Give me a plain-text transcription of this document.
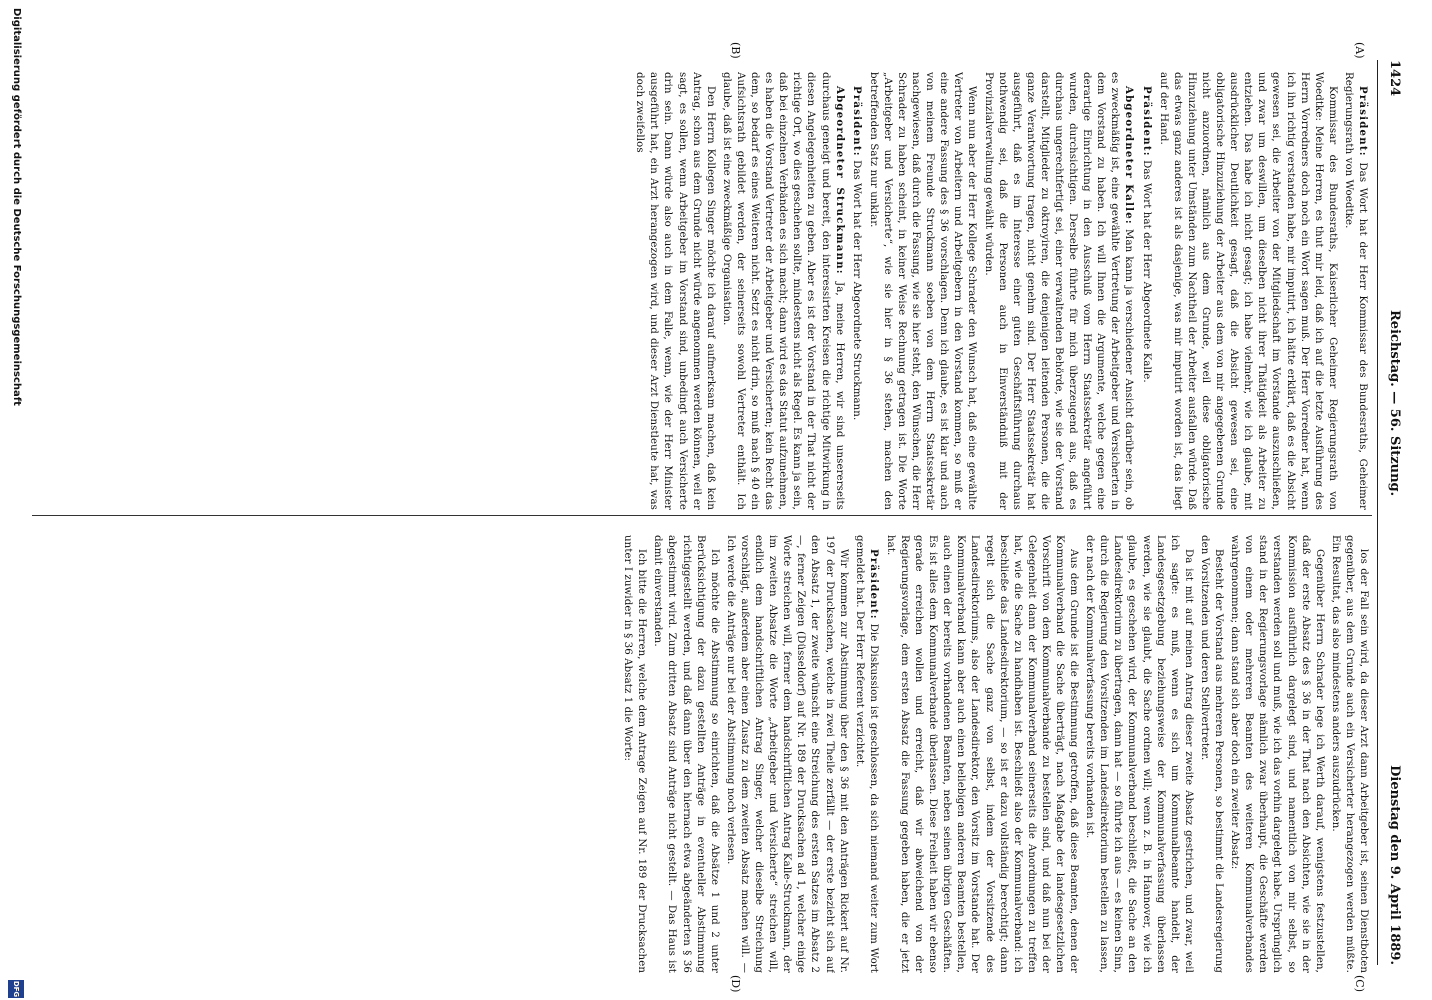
1424
Reichstag. — 56. Sitzung.
Dienstag den 9. April 1889.
(A)
(B)
(C)
(D)

Präsident: Das Wort hat der Herr Kommissar des Bundesraths, Geheimer Regierungsrath von Woedtke.

Kommissar des Bundesraths, Kaiserlicher Geheimer Regierungsrath von Woedtke: Meine Herren, es thut mir leid, daß ich auf die letzte Ausführung des Herrn Vorredners doch noch ein Wort sagen muß. Der Herr Vorredner hat, wenn ich ihn richtig verstanden habe, mir imputirt, ich hätte erklärt, daß es die Absicht gewesen sei, die Arbeiter von der Mitgliedschaft im Vorstande auszuschließen, und zwar um deswillen, um dieselben nicht ihrer Thätigkeit als Arbeiter zu entziehen. Das habe ich nicht gesagt; ich habe vielmehr, wie ich glaube, mit ausdrücklicher Deutlichkeit gesagt, daß die Absicht gewesen sei, eine obligatorische Hinzuziehung der Arbeiter aus dem von mir angegebenen Grunde nicht anzuordnen, nämlich aus dem Grunde, weil diese obligatorische Hinzuziehung unter Umständen zum Nachtheil der Arbeiter ausfallen würde. Daß das etwas ganz anderes ist als dasjenige, was mir imputirt worden ist, das liegt auf der Hand.

Präsident: Das Wort hat der Herr Abgeordnete Kalle.

Abgeordneter Kalle: Man kann ja verschiedener Ansicht darüber sein, ob es zweckmäßig ist, eine gewählte Vertretung der Arbeitgeber und Versicherten in dem Vorstand zu haben. Ich will Ihnen die Argumente, welche gegen eine derartige Einrichtung in den Ausschuß vom Herrn Staatssekretär angeführt wurden, durchsichtigen. Derselbe führte für mich überzeugend aus, daß es durchaus ungerechtfertigt sei, einer verwaltenden Behörde, wie sie der Vorstand darstellt, Mitglieder zu oktroyiren, die denjenigen leitenden Personen, die die ganze Verantwortung tragen, nicht genehm sind. Der Herr Staatssekretär hat ausgeführt, daß es im Interesse einer guten Geschäftsführung durchaus nothwendig sei, daß die Personen auch in Einverständniß mit der Provinzialverwaltung gewählt würden.

Wenn nun aber der Herr Kollege Schrader den Wunsch hat, daß eine gewählte Vertreter von Arbeitern und Arbeitgebern in den Vorstand kommen, so muß er eine andere Fassung des § 36 vorschlagen. Denn ich glaube, es ist klar und auch von meinem Freunde Struckmann soeben von dem Herrn Staatssekretär nachgewiesen, daß durch die Fassung, wie sie hier steht, den Wünschen, die Herr Schrader zu haben scheint, in keiner Weise Rechnung getragen ist. Die Worte „Arbeitgeber und Versicherte“, wie sie hier in § 36 stehen, machen den betreffenden Satz nur unklar.

Präsident: Das Wort hat der Herr Abgeordnete Struckmann.

Abgeordneter Struckmann: Ja, meine Herren, wir sind unsererseits durchaus geneigt und bereit, den interessirten Kreisen die richtige Mitwirkung in diesen Angelegenheiten zu geben. Aber es ist der Vorstand in der That nicht der richtige Ort, wo dies geschehen sollte, mindestens nicht als Regel. Es kann ja sein, daß bei einzelnen Verbänden es sich macht; dann wird es das Statut aufzunehmen, es haben die Vorstand Vertreter der Arbeitgeber und Versicherten; kein Recht das dem, so bedarf es eines Weiteren nicht. Setzt es nicht drin, so muß nach § 40 ein Aufsichtsrath gebildet werden, der seinerseits sowohl Vertreter enthält. Ich glaube, daß ist eine zweckmäßige Organisation.

Den Herrn Kollegen Singer möchte ich darauf aufmerksam machen, daß kein Antrag, schon aus dem Grunde nicht würde angenommen werden können, weil er sagt, es sollen, wenn Arbeitgeber im Vorstand sind, unbedingt auch Versicherte drin sein. Dann würde also auch in dem Falle, wenn, wie der Herr Minister ausgeführt hat, ein Arzt herangezogen wird, und dieser Arzt Dienstleute hat, was doch zweifellos

los der Fall sein wird, da dieser Arzt dann Arbeitgeber ist, seinen Dienstboten gegenüber, aus dem Grunde auch ein Versicherter herangezogen werden müßte. Ein Resultat, das also mindestens anders auszudrücken.

Gegenüber Herrn Schrader lege ich Werth darauf, wenigstens festzustellen, daß der erste Absatz des § 36 in der That nach den Absichten, wie sie in der Kommission ausführlich dargelegt sind, und namentlich von mir selbst, so verstanden werden soll und muß, wie ich das vorhin dargelegt habe. Ursprünglich stand in der Regierungsvorlage nämlich zwar überhaupt, die Geschäfte werden von einem oder mehreren Beamten des weiteren Kommunalverbandes wahrgenommen; dann stand sich aber doch ein zweiter Absatz:

Besteht der Vorstand aus mehreren Personen, so bestimmt die Landesregierung den Vorsitzenden und deren Stellvertreter.

Da ist mit auf meinen Antrag dieser zweite Absatz gestrichen, und zwar, weil ich sagte: es muß, wenn es sich um Kommunalbeamte handelt, der Landesgesetzgebung beziehungsweise der Kommunalverfassung überlassen werden, wie sie glaubt, die Sache ordnen will; wenn z. B. in Hannover, wie ich glaube, es geschehen wird, der Kommunalverband beschließt, die Sache an den Landesdirektorium zu übertragen, dann hat — so führte ich aus — es keinen Sinn, durch die Regierung den Vorsitzenden im Landesdirektorium bestellen zu lassen, der nach der Kommunalverfassung bereits vorhanden ist.

Aus dem Grunde ist die Bestimmung getroffen, daß diese Beamten, denen der Kommunalverband die Sache überträgt, nach Maßgabe der landesgesetzlichen Vorschrift von dem Kommunalverbande zu bestellen sind, und daß nun bei der Gelegenheit dann der Kommunalverband seinerseits die Anordnungen zu treffen hat, wie die Sache zu handhaben ist. Beschließt also der Kommunalverband: ich beschließe das Landesdirektorium, — so ist er dazu vollständig berechtigt; dann regelt sich die Sache ganz von selbst, indem der Vorsitzende des Landesdirektoriums, also der Landesdirektor, den Vorsitz im Vorstande hat. Der Kommunalverband kann aber auch einen beliebigen anderen Beamten bestellen, auch einen der bereits vorhandenen Beamten, neben seinen übrigen Geschäften. Es ist alles dem Kommunalverbande überlassen. Diese Freiheit haben wir ebenso gerade erreichen wollen und erreicht, daß wir abweichend von der Regierungsvorlage, dem ersten Absatz die Fassung gegeben haben, die er jetzt hat.

Präsident: Die Diskussion ist geschlossen, da sich niemand weiter zum Wort gemeldet hat. Der Herr Referent verzichtet.

Wir kommen zur Abstimmung über den § 36 mit den Anträgen Rickert auf Nr. 197 der Drucksachen, welche in zwei Theile zerfällt — der erste bezieht sich auf den Absatz 1, der zweite wünscht eine Streichung des ersten Satzes im Absatz 2 —, ferner Zeigen (Düsseldorf) auf Nr. 189 der Drucksachen ad 1, welcher einige Worte streichen will, ferner dem handschriftlichen Antrag Kalle-Struckmann, der im zweiten Absatze die Worte „Arbeitgeber und Versicherte“ streichen will, endlich dem handschriftlichen Antrag Singer, welcher dieselbe Streichung vorschlägt, außerdem aber einen Zusatz zu dem zweiten Absatz machen will. — Ich werde die Anträge nur bei der Abstimmung noch verlesen.

Ich möchte die Abstimmung so einrichten, daß die Absätze 1 und 2 unter Berücksichtigung der dazu gestellten Anträge in eventueller Abstimmung richtiggestellt werden, und daß dann über den hiernach etwa abgeänderten § 36 abgestimmt wird. Zum dritten Absatz sind Anträge nicht gestellt. — Das Haus ist damit einverstanden.

Ich bitte die Herren, welche dem Antrage Zeigen auf Nr. 189 der Drucksachen unter I zuwider in § 36 Absatz 1 die Worte:

Digitalisierung gefördert durch die Deutsche Forschungsgemeinschaft
DFG
